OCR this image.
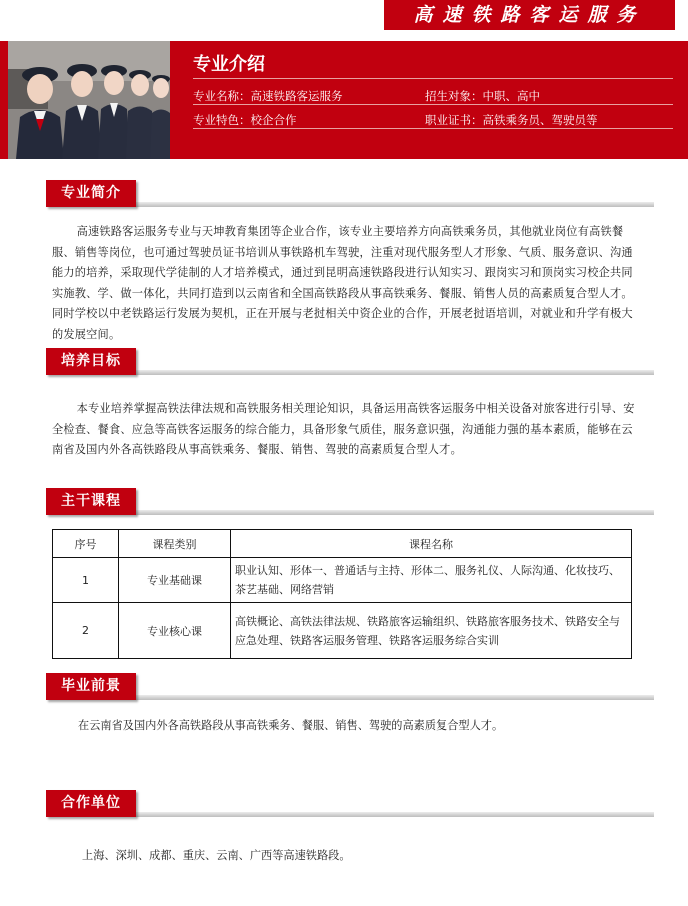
高速铁路客运服务
专业介绍
专业名称：高速铁路客运服务	招生对象：中职、高中
专业特色：校企合作	职业证书：高铁乘务员、驾驶员等
专业简介
高速铁路客运服务专业与天坤教育集团等企业合作，该专业主要培养方向高铁乘务员，其他就业岗位有高铁餐服、销售等岗位，也可通过驾驶员证书培训从事铁路机车驾驶，注重对现代服务型人才形象、气质、服务意识、沟通能力的培养，采取现代学徒制的人才培养模式，通过到昆明高速铁路段进行认知实习、跟岗实习和顶岗实习校企共同实施教、学、做一体化，共同打造到以云南省和全国高铁路段从事高铁乘务、餐服、销售人员的高素质复合型人才。同时学校以中老铁路运行发展为契机，正在开展与老挝相关中资企业的合作，开展老挝语培训，对就业和升学有极大的发展空间。
培养目标
本专业培养掌握高铁法律法规和高铁服务相关理论知识，具备运用高铁客运服务中相关设备对旅客进行引导、安全检查、餐食、应急等高铁客运服务的综合能力，具备形象气质佳，服务意识强，沟通能力强的基本素质，能够在云南省及国内外各高铁路段从事高铁乘务、餐服、销售、驾驶的高素质复合型人才。
主干课程
序号	课程类别	课程名称
1	专业基础课	职业认知、形体一、普通话与主持、形体二、服务礼仪、人际沟通、化妆技巧、茶艺基础、网络营销
2	专业核心课	高铁概论、高铁法律法规、铁路旅客运输组织、铁路旅客服务技术、铁路安全与应急处理、铁路客运服务管理、铁路客运服务综合实训
毕业前景
在云南省及国内外各高铁路段从事高铁乘务、餐服、销售、驾驶的高素质复合型人才。
合作单位
上海、深圳、成都、重庆、云南、广西等高速铁路段。
